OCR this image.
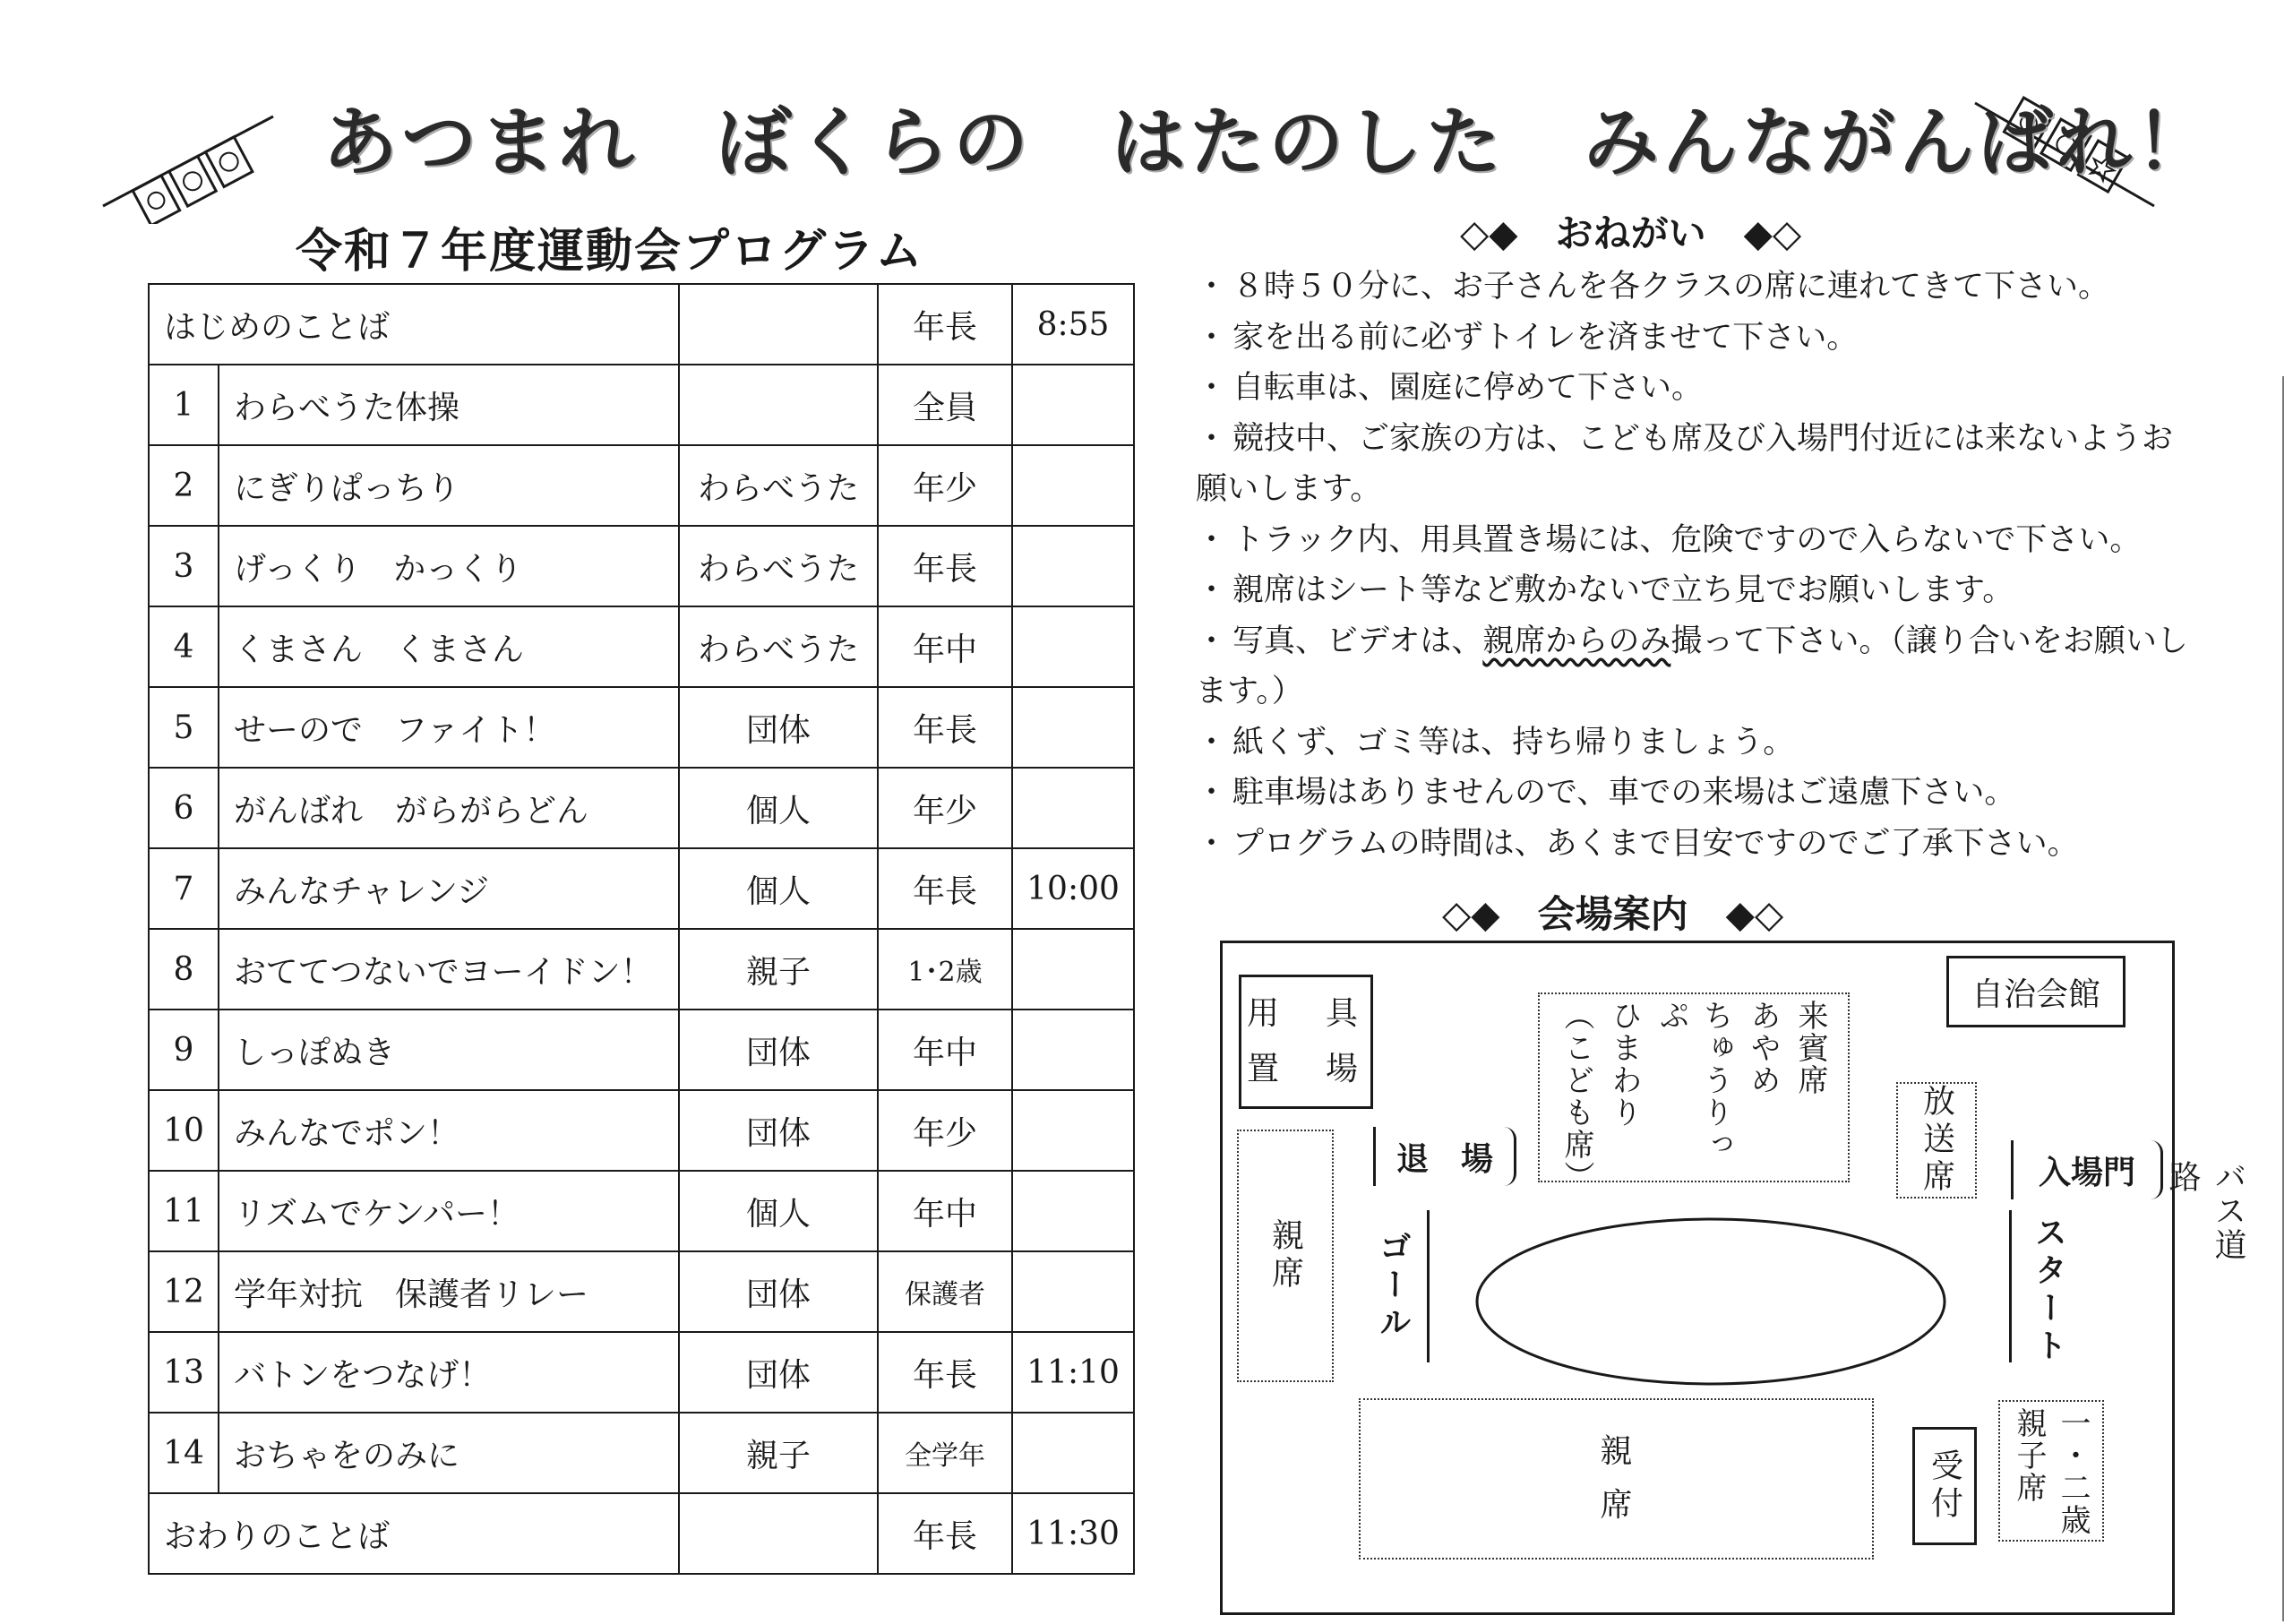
あつまれ　ぼくらの　はたのした　みんながんばれ！
令和７年度運動会プログラム
はじめのことば			年長	8:55
1	わらべうた体操		全員	
2	にぎりぱっちり	わらべうた	年少	
3	げっくり　かっくり	わらべうた	年長	
4	くまさん　くまさん	わらべうた	年中	
5	せーので　ファイト！	団体	年長	
6	がんばれ　がらがらどん	個人	年少	
7	みんなチャレンジ	個人	年長	10:00
8	おててつないでヨーイドン！	親子	1･2歳	
9	しっぽぬき	団体	年中	
10	みんなでポン！	団体	年少	
11	リズムでケンパー！	個人	年中	
12	学年対抗　保護者リレー	団体	保護者	
13	バトンをつなげ！	団体	年長	11:10
14	おちゃをのみに	親子	全学年	
おわりのことば			年長	11:30
◇◆　おねがい　◆◇
・ ８時５０分に、お子さんを各クラスの席に連れてきて下さい。
・ 家を出る前に必ずトイレを済ませて下さい。
・ 自転車は、園庭に停めて下さい。
・ 競技中、ご家族の方は、こども席及び入場門付近には来ないようお願いします。
・ トラック内、用具置き場には、危険ですので入らないで下さい。
・ 親席はシート等など敷かないで立ち見でお願いします。
・ 写真、ビデオは、親席からのみ撮って下さい。（譲り合いをお願いします。）
・ 紙くず、ゴミ等は、持ち帰りましょう。
・ 駐車場はありませんので、車での来場はご遠慮下さい。
・ プログラムの時間は、あくまで目安ですのでご了承下さい。
◇◆　会場案内　◆◇
用　具
置　場
自治会館
来賓席
あやめ
ちゅうりっぷ
ひまわり
（こども席）	放送席
退　場	入場門
親席 ゴール	スタート
親

席	受付	一・二歳
親子席
バス道路
